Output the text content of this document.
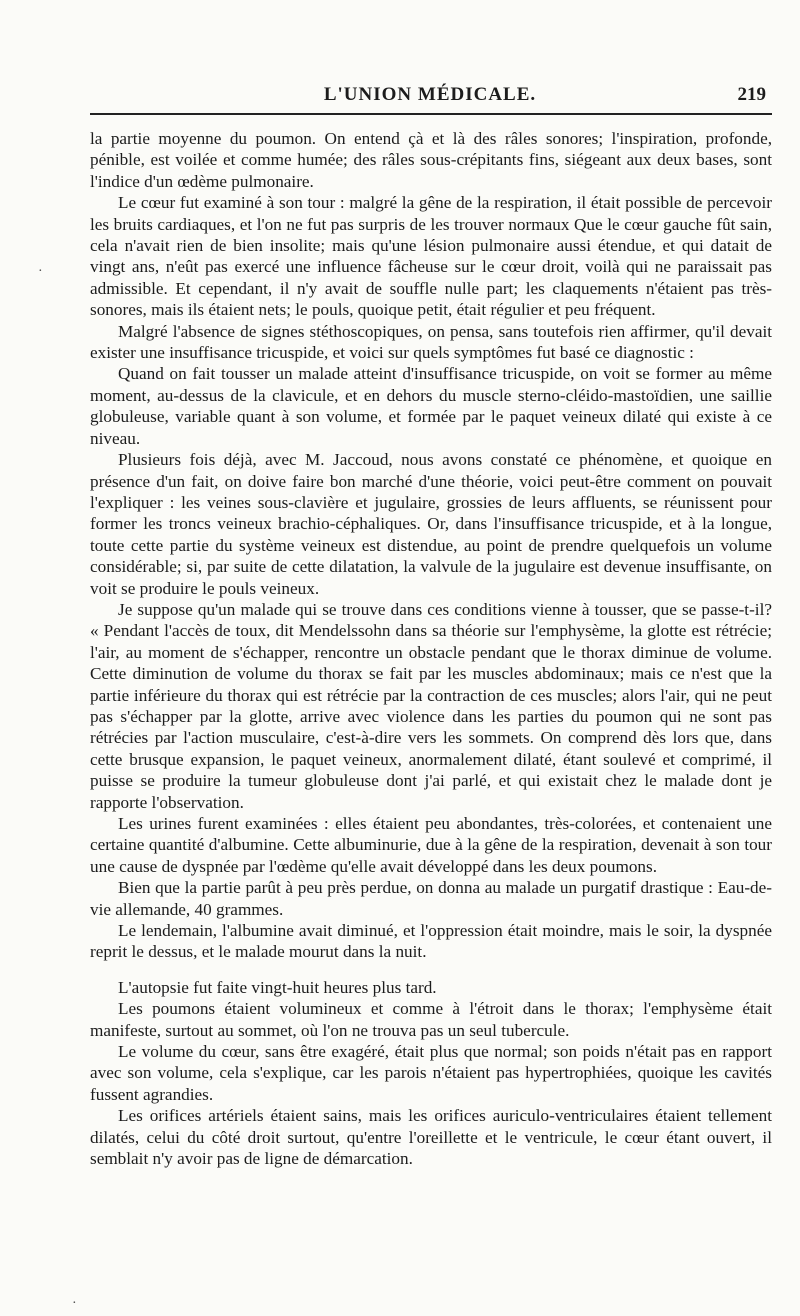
L'UNION MÉDICALE.	219

la partie moyenne du poumon. On entend çà et là des râles sonores; l'inspiration, profonde, pénible, est voilée et comme humée; des râles sous-crépitants fins, siégeant aux deux bases, sont l'indice d'un œdème pulmonaire.

Le cœur fut examiné à son tour : malgré la gêne de la respiration, il était possible de percevoir les bruits cardiaques, et l'on ne fut pas surpris de les trouver normaux Que le cœur gauche fût sain, cela n'avait rien de bien insolite; mais qu'une lésion pulmonaire aussi étendue, et qui datait de vingt ans, n'eût pas exercé une influence fâcheuse sur le cœur droit, voilà qui ne paraissait pas admissible. Et cependant, il n'y avait de souffle nulle part; les claquements n'étaient pas très-sonores, mais ils étaient nets; le pouls, quoique petit, était régulier et peu fréquent.

Malgré l'absence de signes stéthoscopiques, on pensa, sans toutefois rien affirmer, qu'il devait exister une insuffisance tricuspide, et voici sur quels symptômes fut basé ce diagnostic :

Quand on fait tousser un malade atteint d'insuffisance tricuspide, on voit se former au même moment, au-dessus de la clavicule, et en dehors du muscle sterno-cléido-mastoïdien, une saillie globuleuse, variable quant à son volume, et formée par le paquet veineux dilaté qui existe à ce niveau.

Plusieurs fois déjà, avec M. Jaccoud, nous avons constaté ce phénomène, et quoique en présence d'un fait, on doive faire bon marché d'une théorie, voici peut-être comment on pouvait l'expliquer : les veines sous-clavière et jugulaire, grossies de leurs affluents, se réunissent pour former les troncs veineux brachio-céphaliques. Or, dans l'insuffisance tricuspide, et à la longue, toute cette partie du système veineux est distendue, au point de prendre quelquefois un volume considérable; si, par suite de cette dilatation, la valvule de la jugulaire est devenue insuffisante, on voit se produire le pouls veineux.

Je suppose qu'un malade qui se trouve dans ces conditions vienne à tousser, que se passe-t-il? « Pendant l'accès de toux, dit Mendelssohn dans sa théorie sur l'emphysème, la glotte est rétrécie; l'air, au moment de s'échapper, rencontre un obstacle pendant que le thorax diminue de volume. Cette diminution de volume du thorax se fait par les muscles abdominaux; mais ce n'est que la partie inférieure du thorax qui est rétrécie par la contraction de ces muscles; alors l'air, qui ne peut pas s'échapper par la glotte, arrive avec violence dans les parties du poumon qui ne sont pas rétrécies par l'action musculaire, c'est-à-dire vers les sommets. On comprend dès lors que, dans cette brusque expansion, le paquet veineux, anormalement dilaté, étant soulevé et comprimé, il puisse se produire la tumeur globuleuse dont j'ai parlé, et qui existait chez le malade dont je rapporte l'observation.

Les urines furent examinées : elles étaient peu abondantes, très-colorées, et contenaient une certaine quantité d'albumine. Cette albuminurie, due à la gêne de la respiration, devenait à son tour une cause de dyspnée par l'œdème qu'elle avait développé dans les deux poumons.

Bien que la partie parût à peu près perdue, on donna au malade un purgatif drastique : Eau-de-vie allemande, 40 grammes.

Le lendemain, l'albumine avait diminué, et l'oppression était moindre, mais le soir, la dyspnée reprit le dessus, et le malade mourut dans la nuit.

L'autopsie fut faite vingt-huit heures plus tard.

Les poumons étaient volumineux et comme à l'étroit dans le thorax; l'emphysème était manifeste, surtout au sommet, où l'on ne trouva pas un seul tubercule.

Le volume du cœur, sans être exagéré, était plus que normal; son poids n'était pas en rapport avec son volume, cela s'explique, car les parois n'étaient pas hypertrophiées, quoique les cavités fussent agrandies.

Les orifices artériels étaient sains, mais les orifices auriculo-ventriculaires étaient tellement dilatés, celui du côté droit surtout, qu'entre l'oreillette et le ventricule, le cœur étant ouvert, il semblait n'y avoir pas de ligne de démarcation.

·
·
